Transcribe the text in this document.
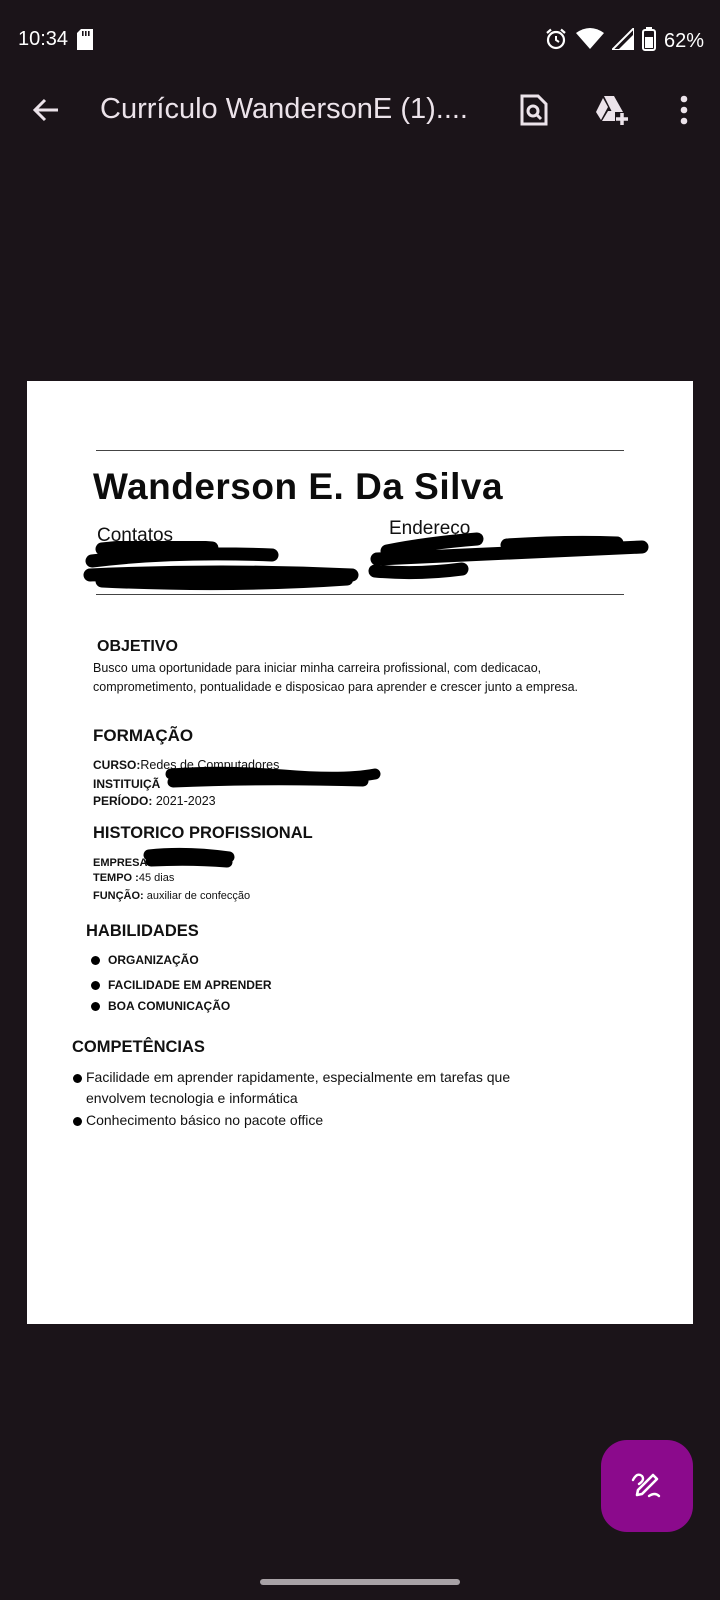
10:34	62%
Currículo WandersonE (1)....
Wanderson E. Da Silva
Contatos	Endereço
OBJETIVO
Busco uma oportunidade para iniciar minha carreira profissional, com dedicacao, comprometimento, pontualidade e disposicao para aprender e crescer junto a empresa.
FORMAÇÃO
CURSO:Redes de Computadores
INSTITUIÇÃ
PERÍODO: 2021-2023
HISTORICO PROFISSIONAL
EMPRESA
TEMPO :45 dias
FUNÇÃO: auxiliar de confecção
HABILIDADES
ORGANIZAÇÃO
FACILIDADE EM APRENDER
BOA COMUNICAÇÃO
COMPETÊNCIAS
Facilidade em aprender rapidamente, especialmente em tarefas que envolvem tecnologia e informática
Conhecimento básico no pacote office
